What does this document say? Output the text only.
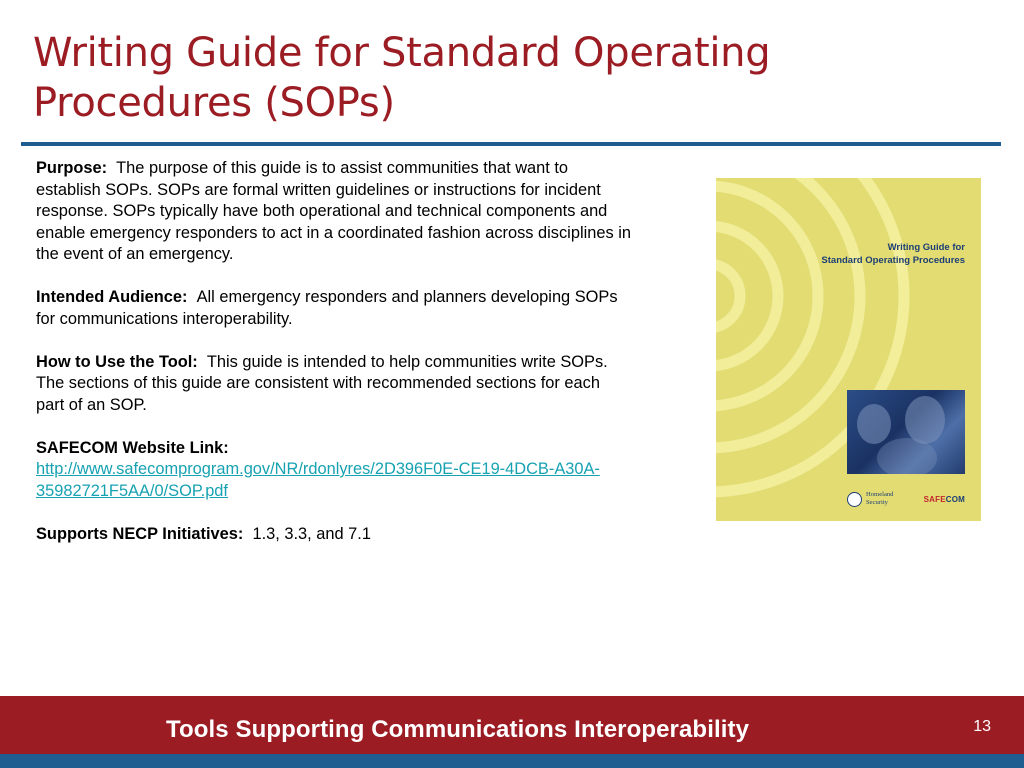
Writing Guide for Standard Operating Procedures (SOPs)

Purpose: The purpose of this guide is to assist communities that want to establish SOPs. SOPs are formal written guidelines or instructions for incident response. SOPs typically have both operational and technical components and enable emergency responders to act in a coordinated fashion across disciplines in the event of an emergency.

Intended Audience: All emergency responders and planners developing SOPs for communications interoperability.

How to Use the Tool: This guide is intended to help communities write SOPs. The sections of this guide are consistent with recommended sections for each part of an SOP.

SAFECOM Website Link:
http://www.safecomprogram.gov/NR/rdonlyres/2D396F0E-CE19-4DCB-A30A-35982721F5AA/0/SOP.pdf

Supports NECP Initiatives: 1.3, 3.3, and 7.1

Writing Guide for
Standard Operating Procedures
Homeland
Security	SAFECOM
Tools Supporting Communications Interoperability	13
